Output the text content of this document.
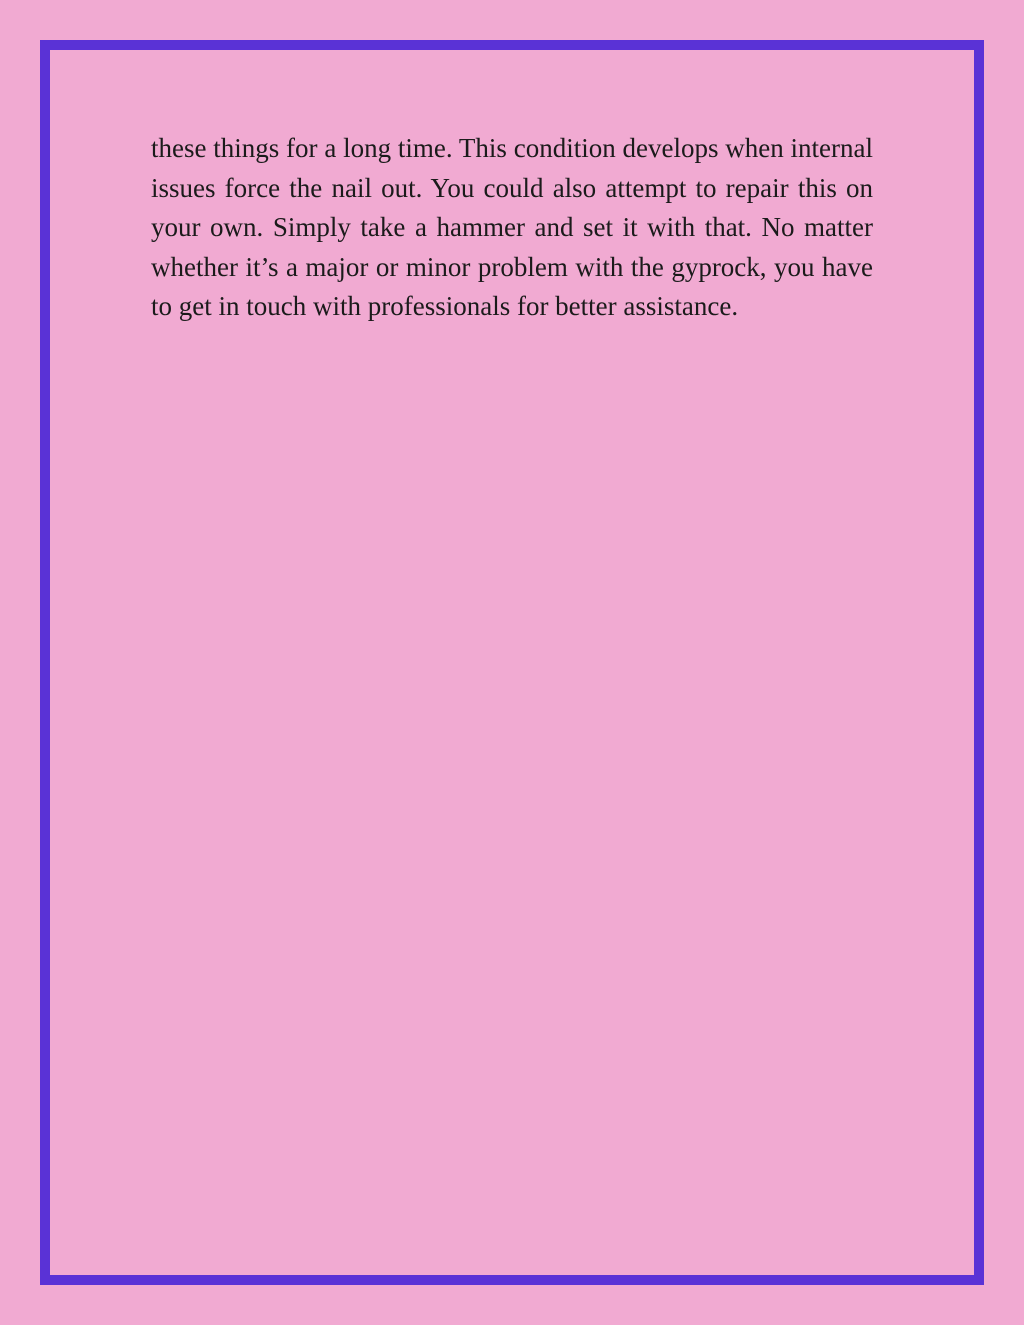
these things for a long time. This condition develops when internal issues force the nail out. You could also attempt to repair this on your own. Simply take a hammer and set it with that. No matter whether it’s a major or minor problem with the gyprock, you have to get in touch with professionals for better assistance.
